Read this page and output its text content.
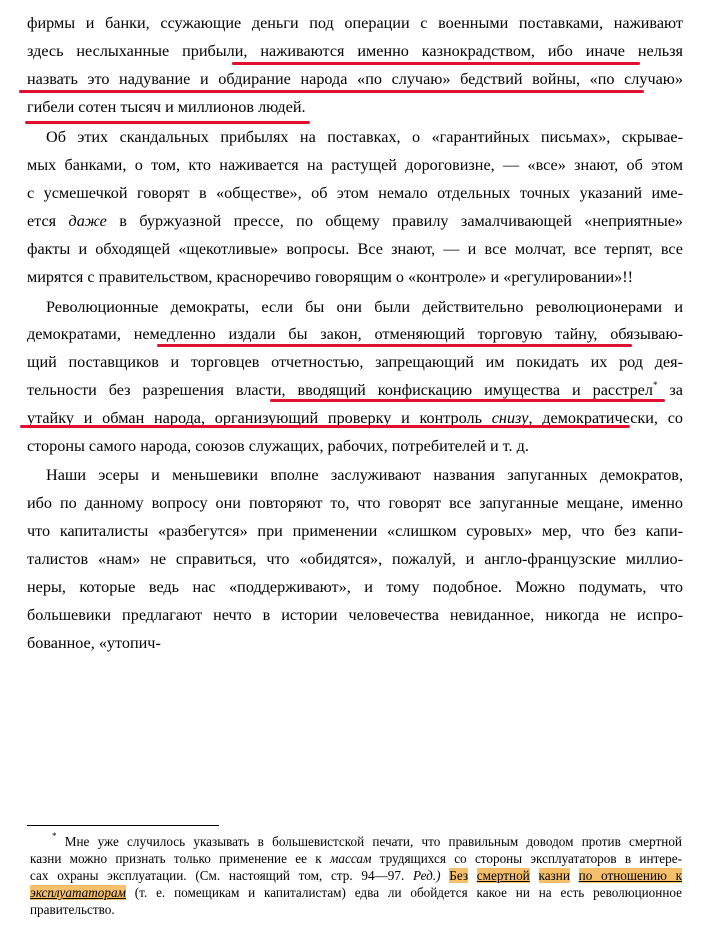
фирмы и банки, ссужающие деньги под операции с военными поставками, наживают
здесь неслыханные прибыли, наживаются именно казнокрадством, ибо иначе нельзя
назвать это надувание и обдирание народа «по случаю» бедствий войны, «по случаю»
гибели сотен тысяч и миллионов людей.
Об этих скандальных прибылях на поставках, о «гарантийных письмах», скрывае-
мых банками, о том, кто наживается на растущей дороговизне, — «все» знают, об этом
с усмешечкой говорят в «обществе», об этом немало отдельных точных указаний име-
ется даже в буржуазной прессе, по общему правилу замалчивающей «неприятные»
факты и обходящей «щекотливые» вопросы. Все знают, — и все молчат, все терпят, все
мирятся с правительством, красноречиво говорящим о «контроле» и «регулировании»!!
Революционные демократы, если бы они были действительно революционерами и
демократами, немедленно издали бы закон, отменяющий торговую тайну, обязываю-
щий поставщиков и торговцев отчетностью, запрещающий им покидать их род дея-
тельности без разрешения власти, вводящий конфискацию имущества и расстрел* за
утайку и обман народа, организующий проверку и контроль снизу, демократически, со
стороны самого народа, союзов служащих, рабочих, потребителей и т. д.
Наши эсеры и меньшевики вполне заслуживают названия запуганных демократов,
ибо по данному вопросу они повторяют то, что говорят все запуганные мещане, именно
что капиталисты «разбегутся» при применении «слишком суровых» мер, что без капи-
талистов «нам» не справиться, что «обидятся», пожалуй, и англо-французские миллио-
неры, которые ведь нас «поддерживают», и тому подобное. Можно подумать, что
большевики предлагают нечто в истории человечества невиданное, никогда не испро-
бованное, «утопич-
* Мне уже случилось указывать в большевистской печати, что правильным доводом против смертной
казни можно признать только применение ее к массам трудящихся со стороны эксплуататоров в интере-
сах охраны эксплуатации. (См. настоящий том, стр. 94—97. Ред.) Без смертной казни по отношению к
эксплуататорам (т. е. помещикам и капиталистам) едва ли обойдется какое ни на есть революционное
правительство.
